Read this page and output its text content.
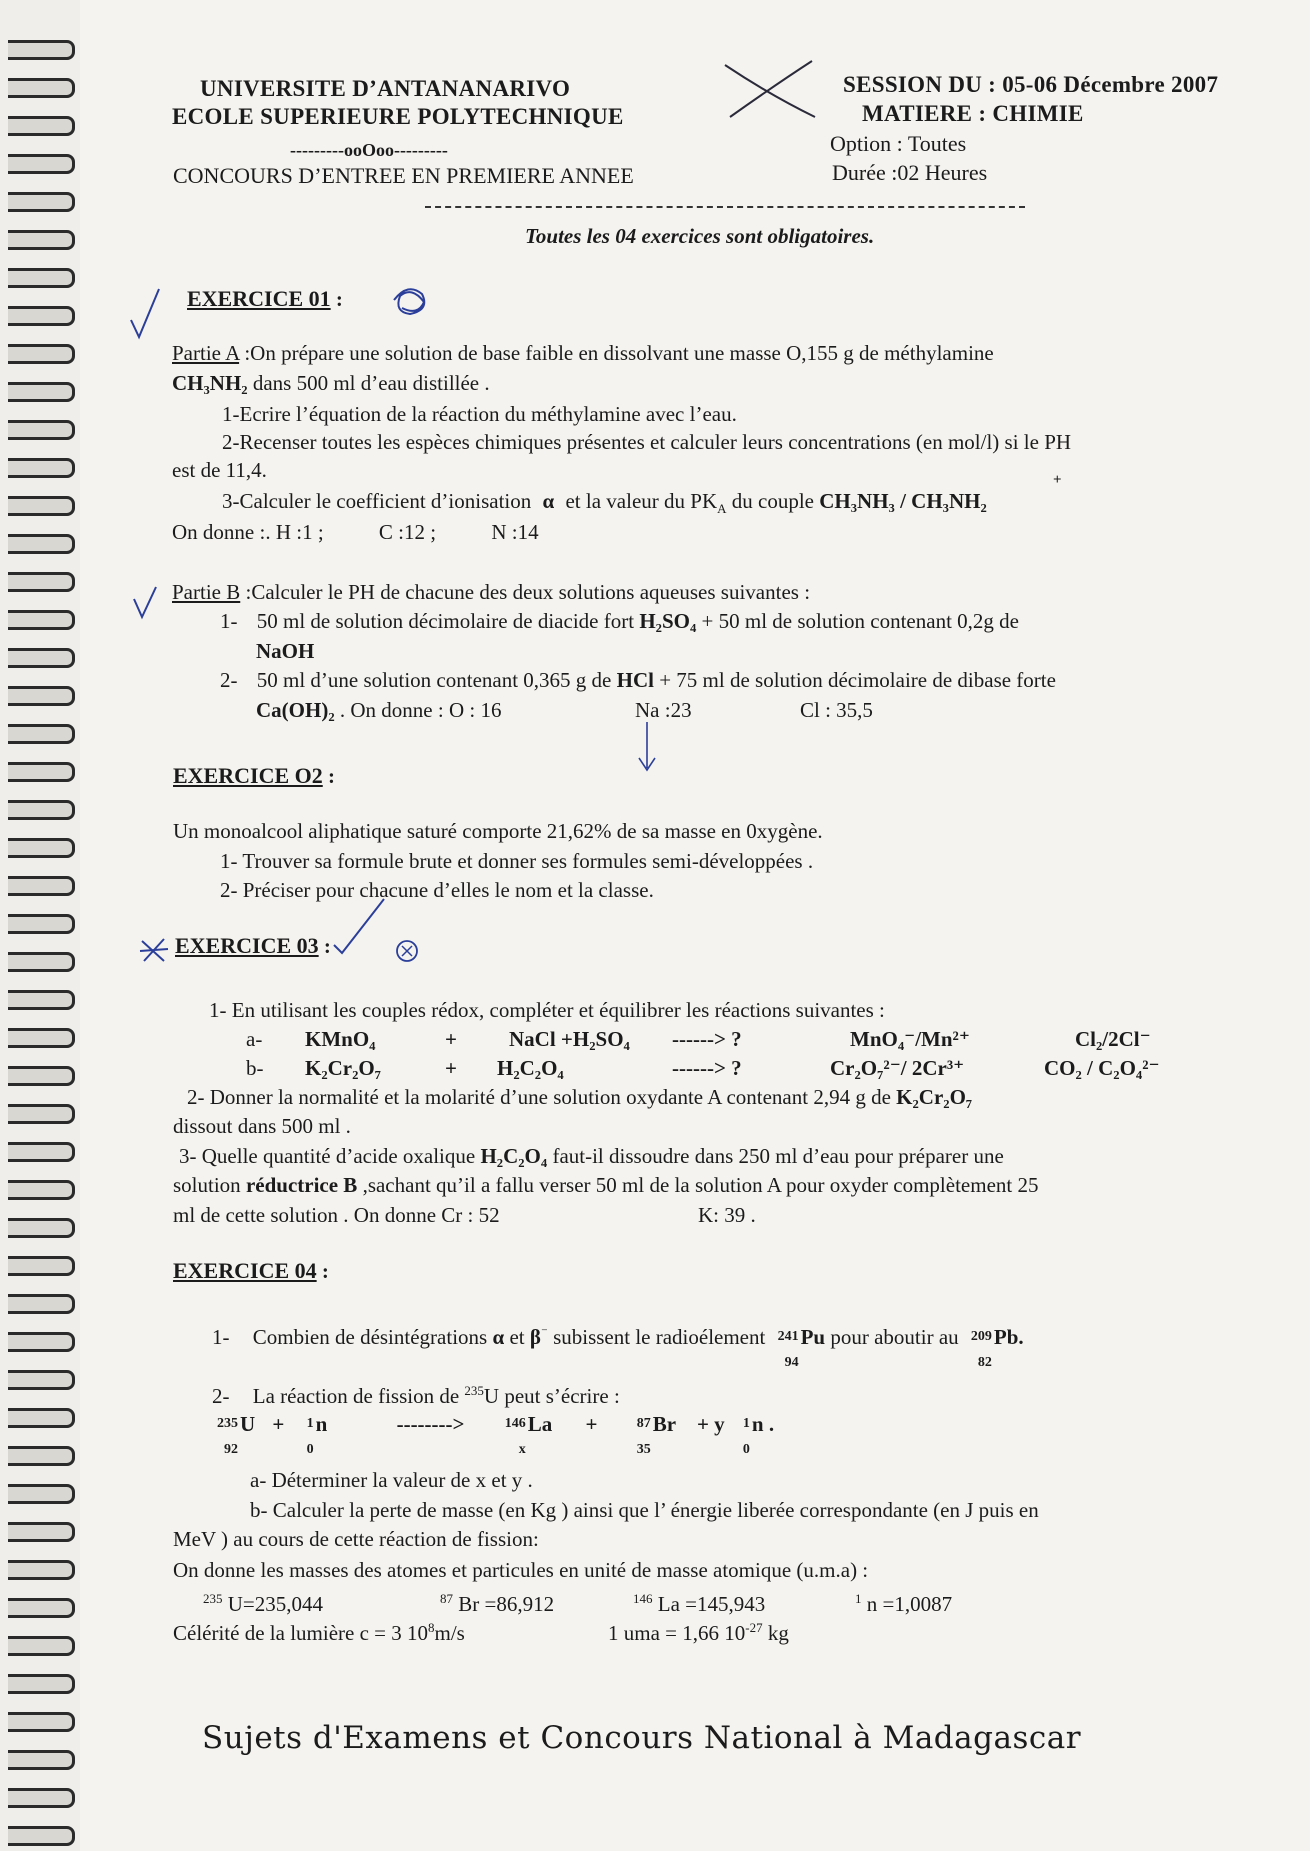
UNIVERSITE D’ANTANANARIVO
ECOLE SUPERIEURE POLYTECHNIQUE
---------ooOoo---------
CONCOURS D’ENTREE EN PREMIERE ANNEE
SESSION DU : 05-06 Décembre 2007
MATIERE : CHIMIE
Option : Toutes
Durée :02 Heures
Toutes les 04 exercices sont obligatoires.
EXERCICE 01 :
Partie A :On prépare une solution de base faible en dissolvant une masse O,155 g de méthylamine
CH₃NH₂ dans 500 ml d’eau distillée .
1-Ecrire l’équation de la réaction du méthylamine avec l’eau.
2-Recenser toutes les espèces chimiques présentes et calculer leurs concentrations (en mol/l) si le PH
est de 11,4.
3-Calculer le coefficient d’ionisation α et la valeur du $PK_A$ du couple CH₃NH₃ / CH₃NH₂
+
On donne :. H :1 ;	C :12 ;	N :14
Partie B :Calculer le PH de chacune des deux solutions aqueuses suivantes :
1- 50 ml de solution décimolaire de diacide fort H₂SO₄ + 50 ml de solution contenant 0,2g de
NaOH
2- 50 ml d’une solution contenant 0,365 g de HCl + 75 ml de solution décimolaire de dibase forte
Ca(OH)₂ . On donne : O : 16	Na :23	Cl : 35,5
EXERCICE O2 :
Un monoalcool aliphatique saturé comporte 21,62% de sa masse en 0xygène.
1- Trouver sa formule brute et donner ses formules semi-développées .
2- Préciser pour chacune d’elles le nom et la classe.
EXERCICE 03 :
1- En utilisant les couples rédox, compléter et équilibrer les réactions suivantes :
a- KMnO₄	+ NaCl +H₂SO₄ ------> ?	MnO₄⁻/Mn²⁺	Cl₂/2Cl⁻
b- K₂Cr₂O₇	+ H₂C₂O₄	------> ?	Cr₂O₇²⁻/ 2Cr³⁺	CO₂ / C₂O₄²⁻
2- Donner la normalité et la molarité d’une solution oxydante A contenant 2,94 g de K₂Cr₂O₇
dissout dans 500 ml .
3- Quelle quantité d’acide oxalique H₂C₂O₄ faut-il dissoudre dans 250 ml d’eau pour préparer une
solution réductrice B ,sachant qu’il a fallu verser 50 ml de la solution A pour oxyder complètement 25
ml de cette solution . On donne Cr : 52	K: 39 .
EXERCICE 04 :
1- Combien de désintégrations α et β⁻ subissent le radioélement 241
94
Pu pour aboutir au 209
82
Pb.
2- La réaction de fission de $^{235}$U peut s’écrire :
235
92
U + 1
0
n	-------->	146
x
La +	87
35
Br + y 1
0
n .
a- Déterminer la valeur de x et y .
b- Calculer la perte de masse (en Kg ) ainsi que l’ énergie liberée correspondante (en J puis en
MeV ) au cours de cette réaction de fission:
On donne les masses des atomes et particules en unité de masse atomique (u.m.a) :
$^{235}$ U=235,044	$^{87}$ Br =86,912	$^{146}$ La =145,943	$^1$ n =1,0087
Célérité de la lumière c = 3 $10^8m/s$	1 uma = 1,66 $10^{-27}$ kg
Sujets d'Examens et Concours National à Madagascar
